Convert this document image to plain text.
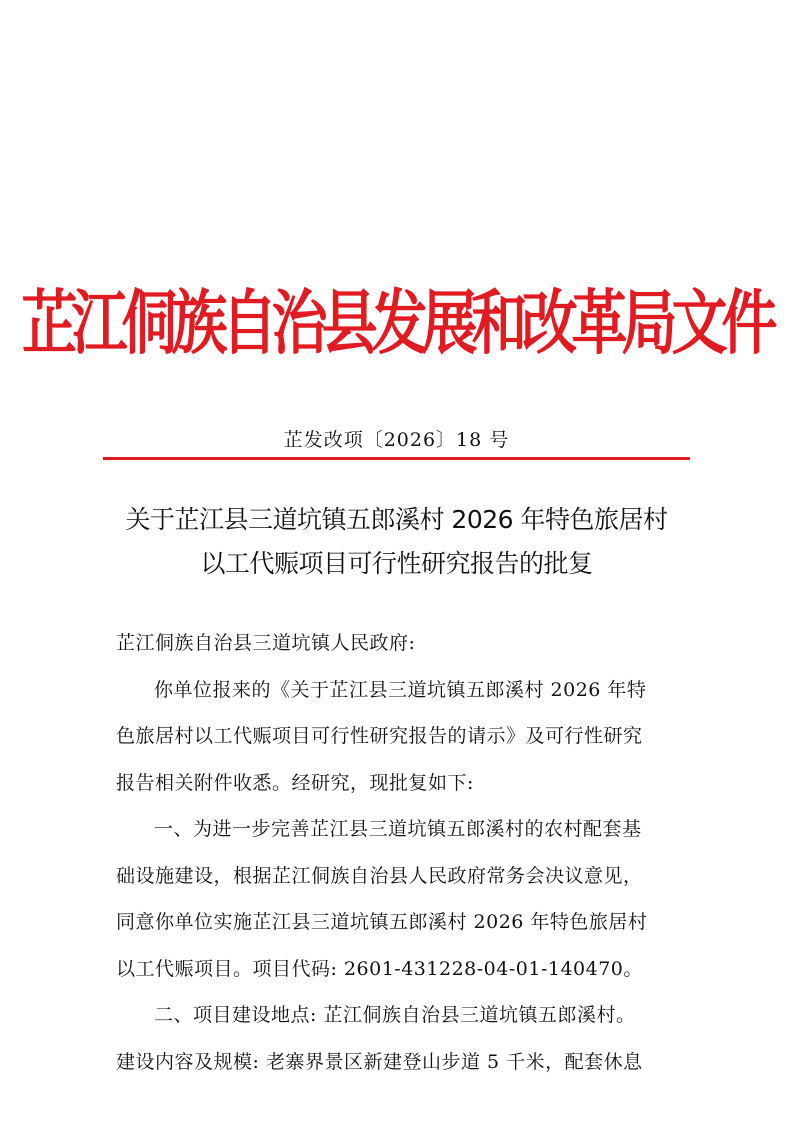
芷江侗族自治县发展和改革局文件
芷发改项〔2026〕18 号
关于芷江县三道坑镇五郎溪村 2026 年特色旅居村
以工代赈项目可行性研究报告的批复
芷江侗族自治县三道坑镇人民政府:
你单位报来的《关于芷江县三道坑镇五郎溪村 2026 年特
色旅居村以工代赈项目可行性研究报告的请示》及可行性研究
报告相关附件收悉。经研究，现批复如下:
一、为进一步完善芷江县三道坑镇五郎溪村的农村配套基
础设施建设，根据芷江侗族自治县人民政府常务会决议意见，
同意你单位实施芷江县三道坑镇五郎溪村 2026 年特色旅居村
以工代赈项目。项目代码: 2601-431228-04-01-140470。
二、项目建设地点: 芷江侗族自治县三道坑镇五郎溪村。
建设内容及规模: 老寨界景区新建登山步道 5 千米，配套休息
